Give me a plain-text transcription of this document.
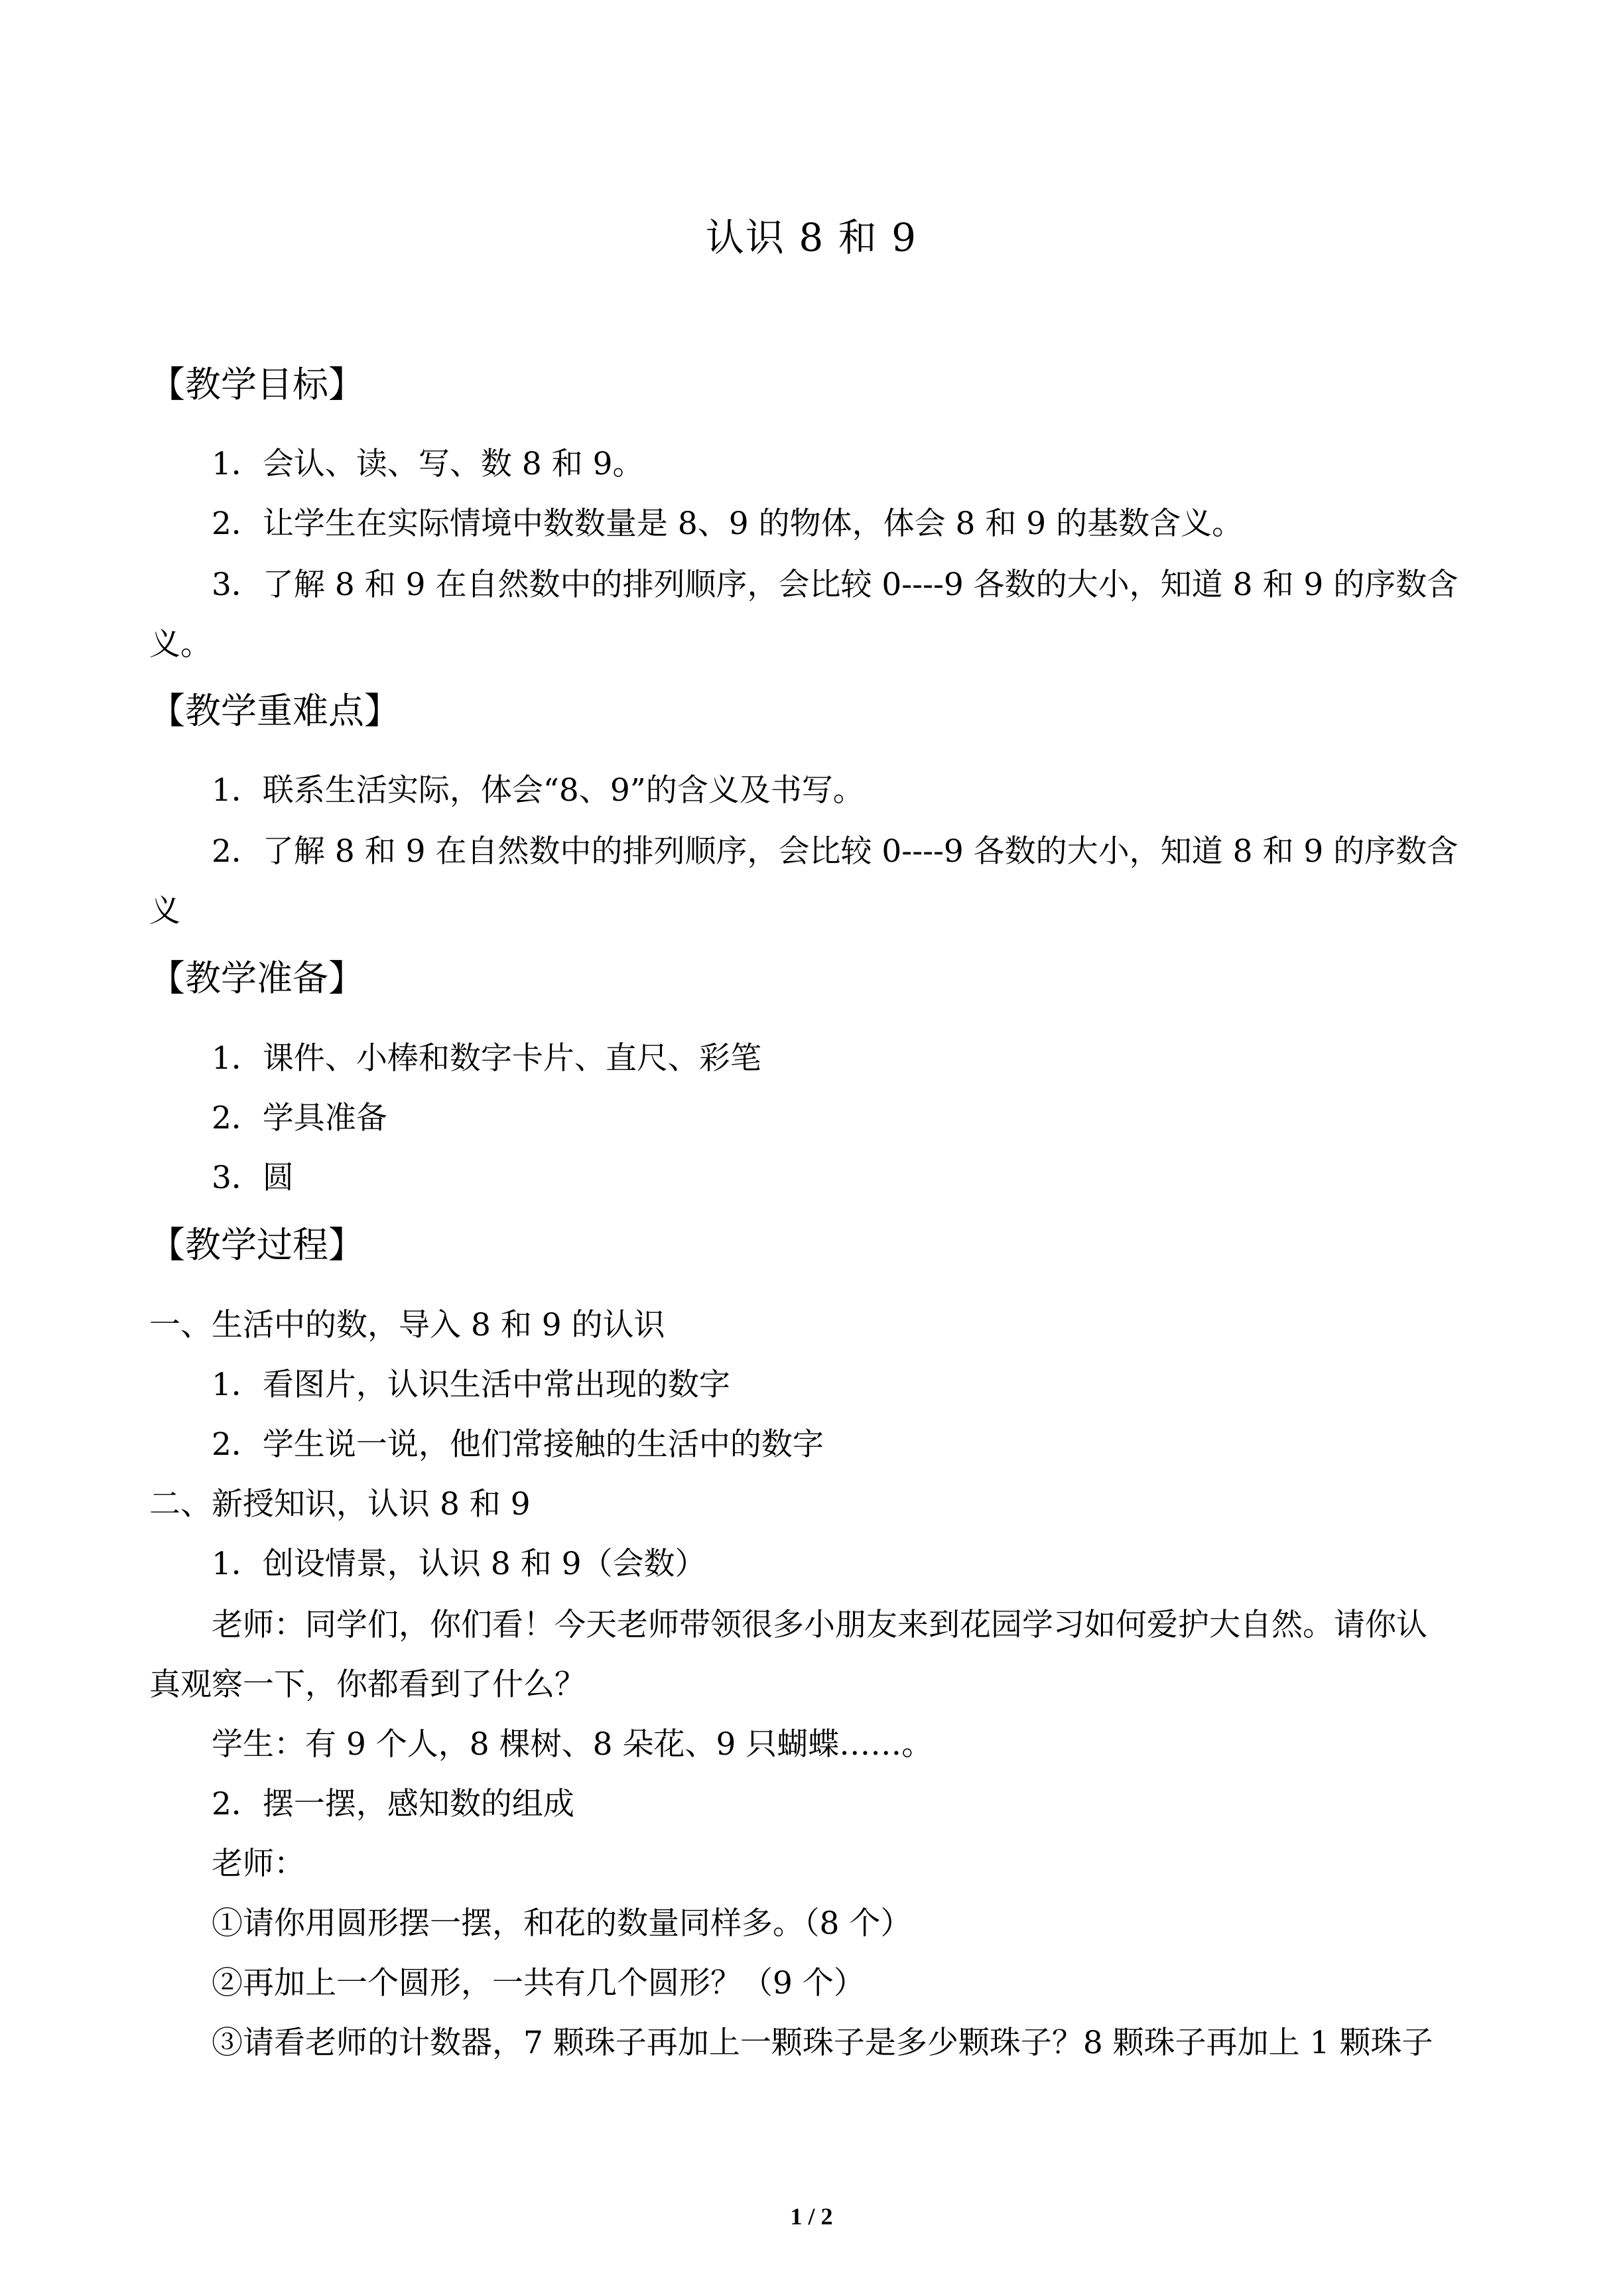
认识 8 和 9
【教学目标】
1．会认、读、写、数 8 和 9。
2．让学生在实际情境中数数量是 8、9 的物体，体会 8 和 9 的基数含义。
3．了解 8 和 9 在自然数中的排列顺序，会比较 0----9 各数的大小，知道 8 和 9 的序数含
义。
【教学重难点】
1．联系生活实际，体会“8、9”的含义及书写。
2．了解 8 和 9 在自然数中的排列顺序，会比较 0----9 各数的大小，知道 8 和 9 的序数含
义
【教学准备】
1．课件、小棒和数字卡片、直尺、彩笔
2．学具准备
3．圆
【教学过程】
一、生活中的数，导入 8 和 9 的认识
1．看图片，认识生活中常出现的数字
2．学生说一说，他们常接触的生活中的数字
二、新授知识，认识 8 和 9
1．创设情景，认识 8 和 9（会数）
老师：同学们，你们看！今天老师带领很多小朋友来到花园学习如何爱护大自然。请你认
真观察一下，你都看到了什么？
学生：有 9 个人，8 棵树、8 朵花、9 只蝴蝶……。
2．摆一摆，感知数的组成
老师：
①请你用圆形摆一摆，和花的数量同样多。（8 个）
②再加上一个圆形，一共有几个圆形？（9 个）
③请看老师的计数器，7 颗珠子再加上一颗珠子是多少颗珠子？8 颗珠子再加上 1 颗珠子
1 / 2
